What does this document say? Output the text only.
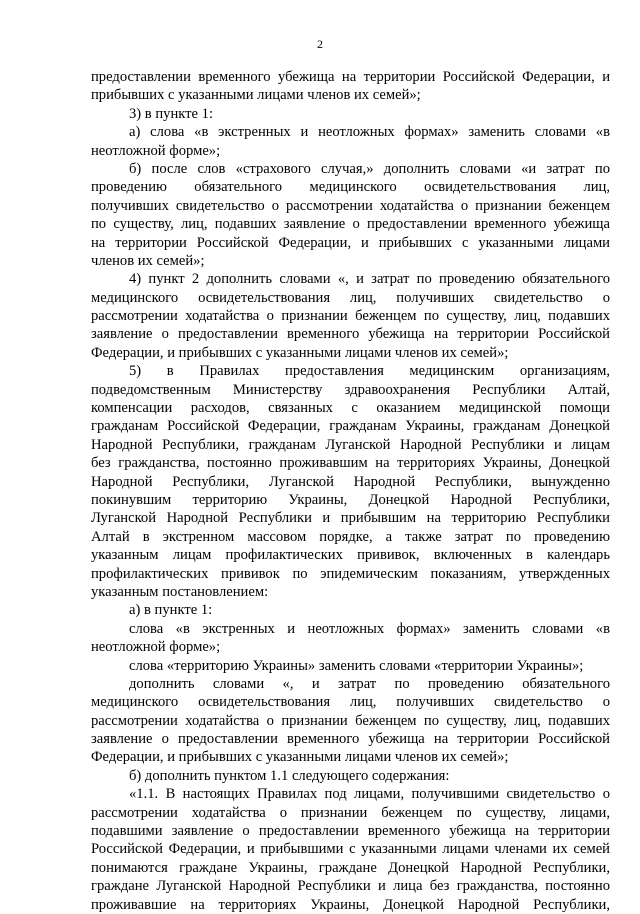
2
предоставлении временного убежища на территории Российской Федерации, и
прибывших с указанными лицами членов их семей»;
3) в пункте 1:
а) слова «в экстренных и неотложных формах» заменить словами «в
неотложной форме»;
б) после слов «страхового случая,» дополнить словами «и затрат по
проведению обязательного медицинского освидетельствования лиц,
получивших свидетельство о рассмотрении ходатайства о признании беженцем
по существу, лиц, подавших заявление о предоставлении временного убежища
на территории Российской Федерации, и прибывших с указанными лицами
членов их семей»;
4) пункт 2 дополнить словами «, и затрат по проведению обязательного
медицинского освидетельствования лиц, получивших свидетельство о
рассмотрении ходатайства о признании беженцем по существу, лиц, подавших
заявление о предоставлении временного убежища на территории Российской
Федерации, и прибывших с указанными лицами членов их семей»;
5) в Правилах предоставления медицинским организациям,
подведомственным Министерству здравоохранения Республики Алтай,
компенсации расходов, связанных с оказанием медицинской помощи
гражданам Российской Федерации, гражданам Украины, гражданам Донецкой
Народной Республики, гражданам Луганской Народной Республики и лицам
без гражданства, постоянно проживавшим на территориях Украины, Донецкой
Народной Республики, Луганской Народной Республики, вынужденно
покинувшим территорию Украины, Донецкой Народной Республики,
Луганской Народной Республики и прибывшим на территорию Республики
Алтай в экстренном массовом порядке, а также затрат по проведению
указанным лицам профилактических прививок, включенных в календарь
профилактических прививок по эпидемическим показаниям, утвержденных
указанным постановлением:
а) в пункте 1:
слова «в экстренных и неотложных формах» заменить словами «в
неотложной форме»;
слова «территорию Украины» заменить словами «территории Украины»;
дополнить словами «, и затрат по проведению обязательного
медицинского освидетельствования лиц, получивших свидетельство о
рассмотрении ходатайства о признании беженцем по существу, лиц, подавших
заявление о предоставлении временного убежища на территории Российской
Федерации, и прибывших с указанными лицами членов их семей»;
б) дополнить пунктом 1.1 следующего содержания:
«1.1. В настоящих Правилах под лицами, получившими свидетельство о
рассмотрении ходатайства о признании беженцем по существу, лицами,
подавшими заявление о предоставлении временного убежища на территории
Российской Федерации, и прибывшими с указанными лицами членами их семей
понимаются граждане Украины, граждане Донецкой Народной Республики,
граждане Луганской Народной Республики и лица без гражданства, постоянно
проживавшие на территориях Украины, Донецкой Народной Республики,
